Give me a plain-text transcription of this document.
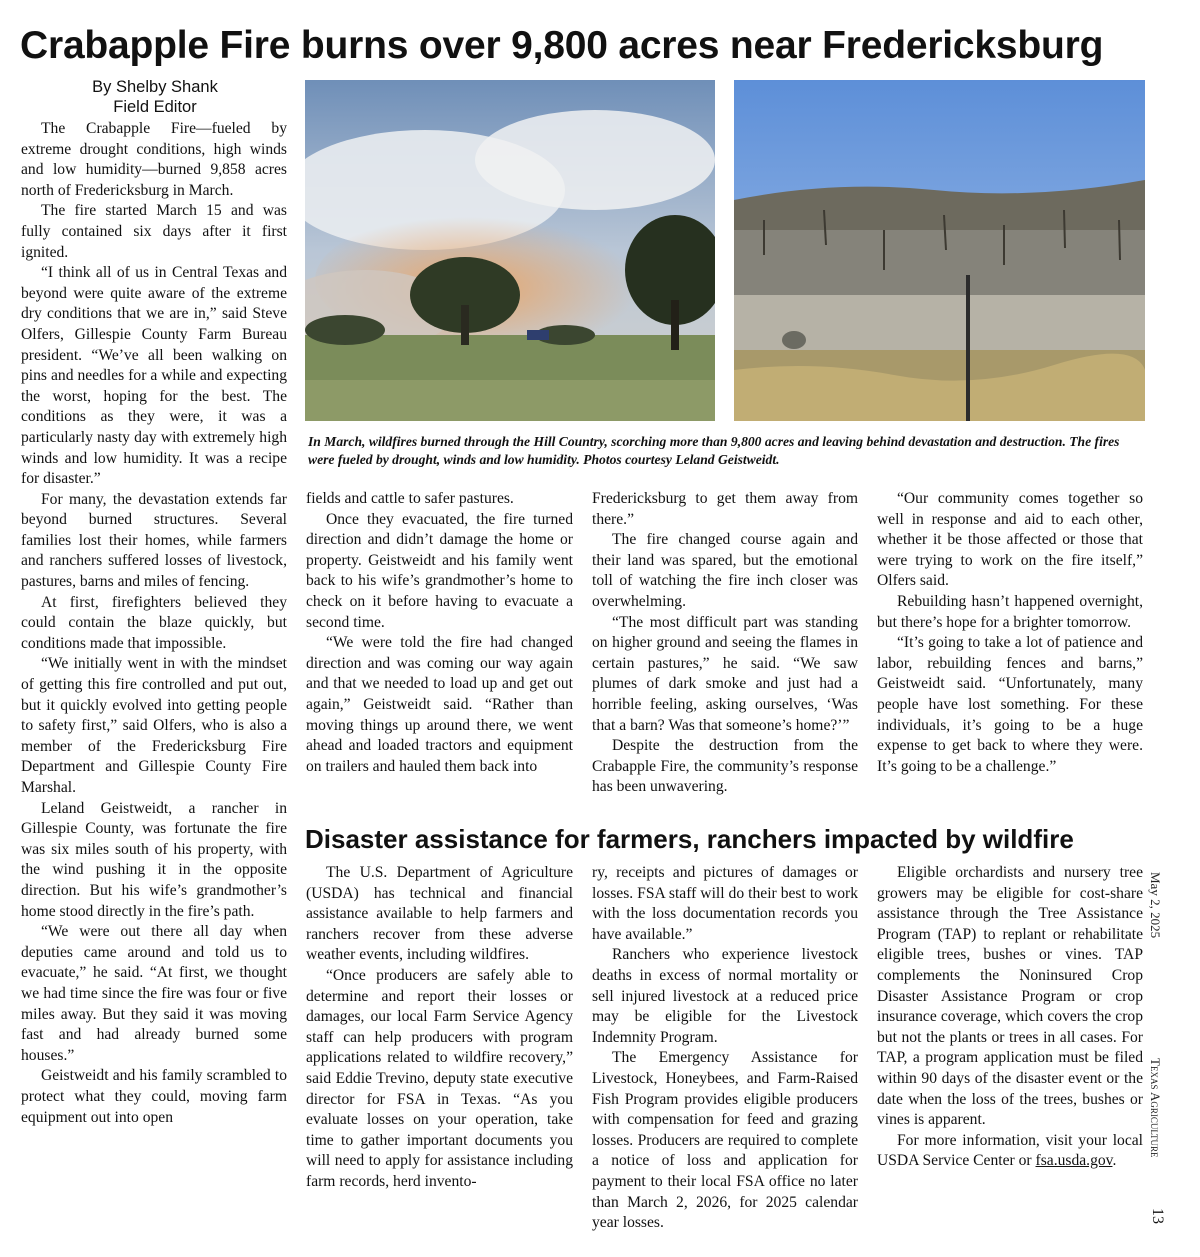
Crabapple Fire burns over 9,800 acres near Fredericksburg
By Shelby Shank
Field Editor

The Crabapple Fire—fueled by extreme drought conditions, high winds and low humidity—burned 9,858 acres north of Fredericksburg in March.

The fire started March 15 and was fully contained six days after it first ignited.

“I think all of us in Central Texas and beyond were quite aware of the extreme dry conditions that we are in,” said Steve Olfers, Gillespie County Farm Bureau president. “We’ve all been walking on pins and needles for a while and expecting the worst, hoping for the best. The conditions as they were, it was a particularly nasty day with extremely high winds and low humidity. It was a recipe for disaster.”

For many, the devastation extends far beyond burned structures. Several families lost their homes, while farmers and ranchers suffered losses of livestock, pastures, barns and miles of fencing.

At first, firefighters believed they could contain the blaze quickly, but conditions made that impossible.

“We initially went in with the mindset of getting this fire controlled and put out, but it quickly evolved into getting people to safety first,” said Olfers, who is also a member of the Fredericksburg Fire Department and Gillespie County Fire Marshal.

Leland Geistweidt, a rancher in Gillespie County, was fortunate the fire was six miles south of his property, with the wind pushing it in the opposite direction. But his wife’s grandmother’s home stood directly in the fire’s path.

“We were out there all day when deputies came around and told us to evacuate,” he said. “At first, we thought we had time since the fire was four or five miles away. But they said it was moving fast and had already burned some houses.”

Geistweidt and his family scrambled to protect what they could, moving farm equipment out into open

In March, wildfires burned through the Hill Country, scorching more than 9,800 acres and leaving behind devastation and destruction. The fires were fueled by drought, winds and low humidity. Photos courtesy Leland Geistweidt.

fields and cattle to safer pastures.

Once they evacuated, the fire turned direction and didn’t damage the home or property. Geistweidt and his family went back to his wife’s grandmother’s home to check on it before having to evacuate a second time.

“We were told the fire had changed direction and was coming our way again and that we needed to load up and get out again,” Geistweidt said. “Rather than moving things up around there, we went ahead and loaded tractors and equipment on trailers and hauled them back into

Fredericksburg to get them away from there.”

The fire changed course again and their land was spared, but the emotional toll of watching the fire inch closer was overwhelming.

“The most difficult part was standing on higher ground and seeing the flames in certain pastures,” he said. “We saw plumes of dark smoke and just had a horrible feeling, asking ourselves, ‘Was that a barn? Was that someone’s home?’”

Despite the destruction from the Crabapple Fire, the community’s response has been unwavering.

“Our community comes together so well in response and aid to each other, whether it be those affected or those that were trying to work on the fire itself,” Olfers said.

Rebuilding hasn’t happened overnight, but there’s hope for a brighter tomorrow.

“It’s going to take a lot of patience and labor, rebuilding fences and barns,” Geistweidt said. “Unfortunately, many people have lost something. For these individuals, it’s going to be a huge expense to get back to where they were. It’s going to be a challenge.”

Disaster assistance for farmers, ranchers impacted by wildfire

The U.S. Department of Agriculture (USDA) has technical and financial assistance available to help farmers and ranchers recover from these adverse weather events, including wildfires.

“Once producers are safely able to determine and report their losses or damages, our local Farm Service Agency staff can help producers with program applications related to wildfire recovery,” said Eddie Trevino, deputy state executive director for FSA in Texas. “As you evaluate losses on your operation, take time to gather important documents you will need to apply for assistance including farm records, herd invento-

ry, receipts and pictures of damages or losses. FSA staff will do their best to work with the loss documentation records you have available.”

Ranchers who experience livestock deaths in excess of normal mortality or sell injured livestock at a reduced price may be eligible for the Livestock Indemnity Program.

The Emergency Assistance for Livestock, Honeybees, and Farm-Raised Fish Program provides eligible producers with compensation for feed and grazing losses. Producers are required to complete a notice of loss and application for payment to their local FSA office no later than March 2, 2026, for 2025 calendar year losses.

Eligible orchardists and nursery tree growers may be eligible for cost-share assistance through the Tree Assistance Program (TAP) to replant or rehabilitate eligible trees, bushes or vines. TAP complements the Noninsured Crop Disaster Assistance Program or crop insurance coverage, which covers the crop but not the plants or trees in all cases. For TAP, a program application must be filed within 90 days of the disaster event or the date when the loss of the trees, bushes or vines is apparent.

For more information, visit your local USDA Service Center or fsa.usda.gov.

May 2, 2025
Texas Agriculture
13
